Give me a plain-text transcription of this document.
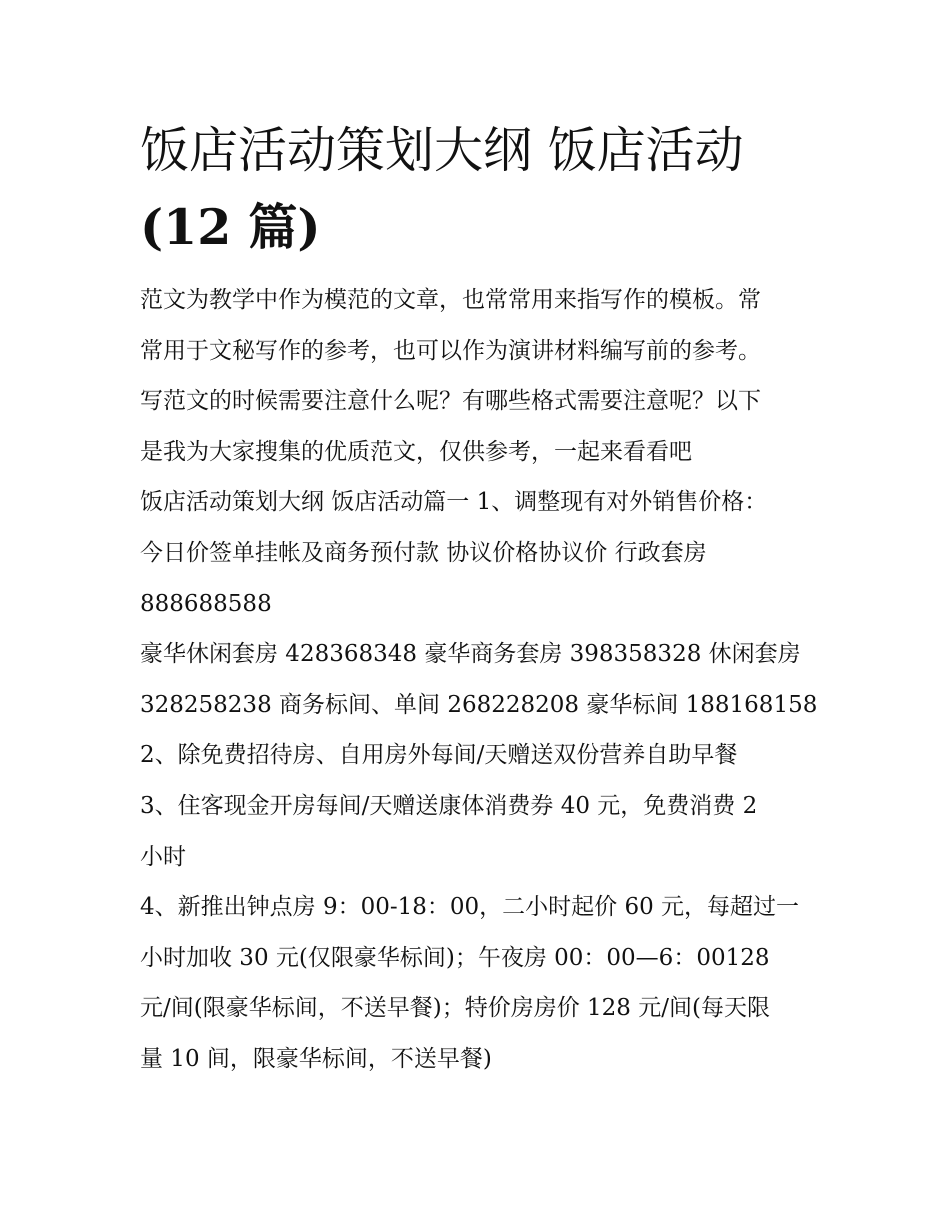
饭店活动策划大纲 饭店活动
(12 篇)
范文为教学中作为模范的文章，也常常用来指写作的模板。常
常用于文秘写作的参考，也可以作为演讲材料编写前的参考。
写范文的时候需要注意什么呢？有哪些格式需要注意呢？以下
是我为大家搜集的优质范文，仅供参考，一起来看看吧
饭店活动策划大纲 饭店活动篇一 1、调整现有对外销售价格：
今日价签单挂帐及商务预付款 协议价格协议价 行政套房
888688588
豪华休闲套房 428368348 豪华商务套房 398358328 休闲套房
328258238 商务标间、单间 268228208 豪华标间 188168158
2、除免费招待房、自用房外每间/天赠送双份营养自助早餐
3、住客现金开房每间/天赠送康体消费券 40 元，免费消费 2
小时
4、新推出钟点房 9：00-18：00，二小时起价 60 元，每超过一
小时加收 30 元(仅限豪华标间)；午夜房 00：00—6：00128
元/间(限豪华标间，不送早餐)；特价房房价 128 元/间(每天限
量 10 间，限豪华标间，不送早餐)
